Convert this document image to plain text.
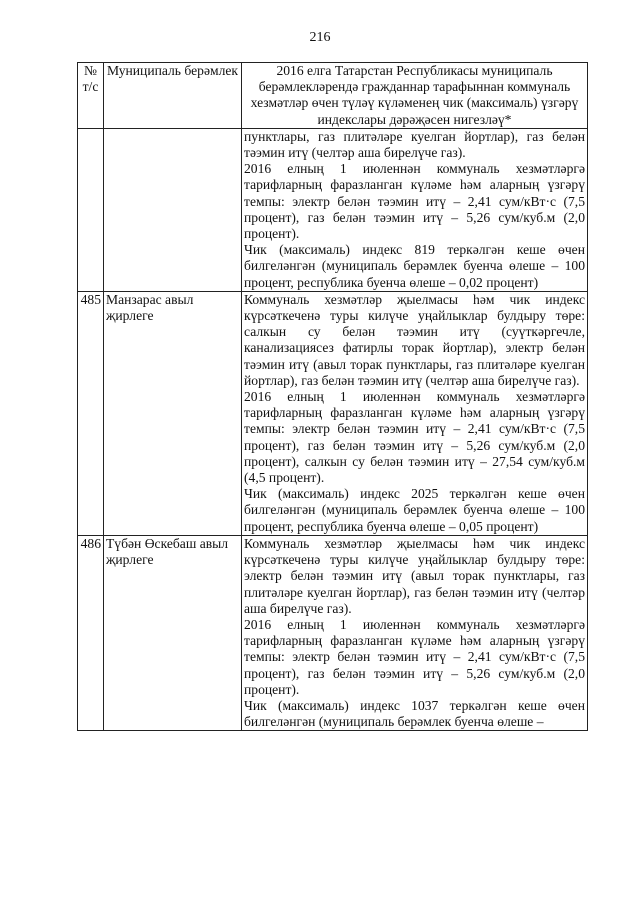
216
№ т/с	Муниципаль берәмлек	2016 елга Татарстан Республикасы муниципаль берәмлекләрендә гражданнар тарафыннан коммуналь хезмәтләр өчен түләү күләменең чик (максималь) үзгәрү индекслары дәрәҗәсен нигезләү*

		пунктлары, газ плитәләре куелган йортлар), газ белән тәэмин итү (челтәр аша бирелүче газ).

2016 елның 1 июленнән коммуналь хезмәтләргә тарифларның фаразланган күләме һәм аларның үзгәрү темпы: электр белән тәэмин итү – 2,41 сум/кВт·с (7,5 процент), газ белән тәэмин итү – 5,26 сум/куб.м (2,0 процент).

Чик (максималь) индекс 819 теркәлгән кеше өчен билгеләнгән (муниципаль берәмлек буенча өлеше – 100 процент, республика буенча өлеше – 0,02 процент)

485	Манзарас авыл җирлеге	Коммуналь хезмәтләр җыелмасы һәм чик индекс күрсәткеченә туры килүче уңайлыклар булдыру төре: салкын су белән тәэмин итү (суүткәргечле, канализациясез фатирлы торак йортлар), электр белән тәэмин итү (авыл торак пунктлары, газ плитәләре куелган йортлар), газ белән тәэмин итү (челтәр аша бирелүче газ).

2016 елның 1 июленнән коммуналь хезмәтләргә тарифларның фаразланган күләме һәм аларның үзгәрү темпы: электр белән тәэмин итү – 2,41 сум/кВт·с (7,5 процент), газ белән тәэмин итү – 5,26 сум/куб.м (2,0 процент), салкын су белән тәэмин итү – 27,54 сум/куб.м (4,5 процент).

Чик (максималь) индекс 2025 теркәлгән кеше өчен билгеләнгән (муниципаль берәмлек буенча өлеше – 100 процент, республика буенча өлеше – 0,05 процент)

486	Түбән Өскебаш авыл җирлеге	Коммуналь хезмәтләр җыелмасы һәм чик индекс күрсәткеченә туры килүче уңайлыклар булдыру төре: электр белән тәэмин итү (авыл торак пунктлары, газ плитәләре куелган йортлар), газ белән тәэмин итү (челтәр аша бирелүче газ).

2016 елның 1 июленнән коммуналь хезмәтләргә тарифларның фаразланган күләме һәм аларның үзгәрү темпы: электр белән тәэмин итү – 2,41 сум/кВт·с (7,5 процент), газ белән тәэмин итү – 5,26 сум/куб.м (2,0 процент).

Чик (максималь) индекс 1037 теркәлгән кеше өчен билгеләнгән (муниципаль берәмлек буенча өлеше –
